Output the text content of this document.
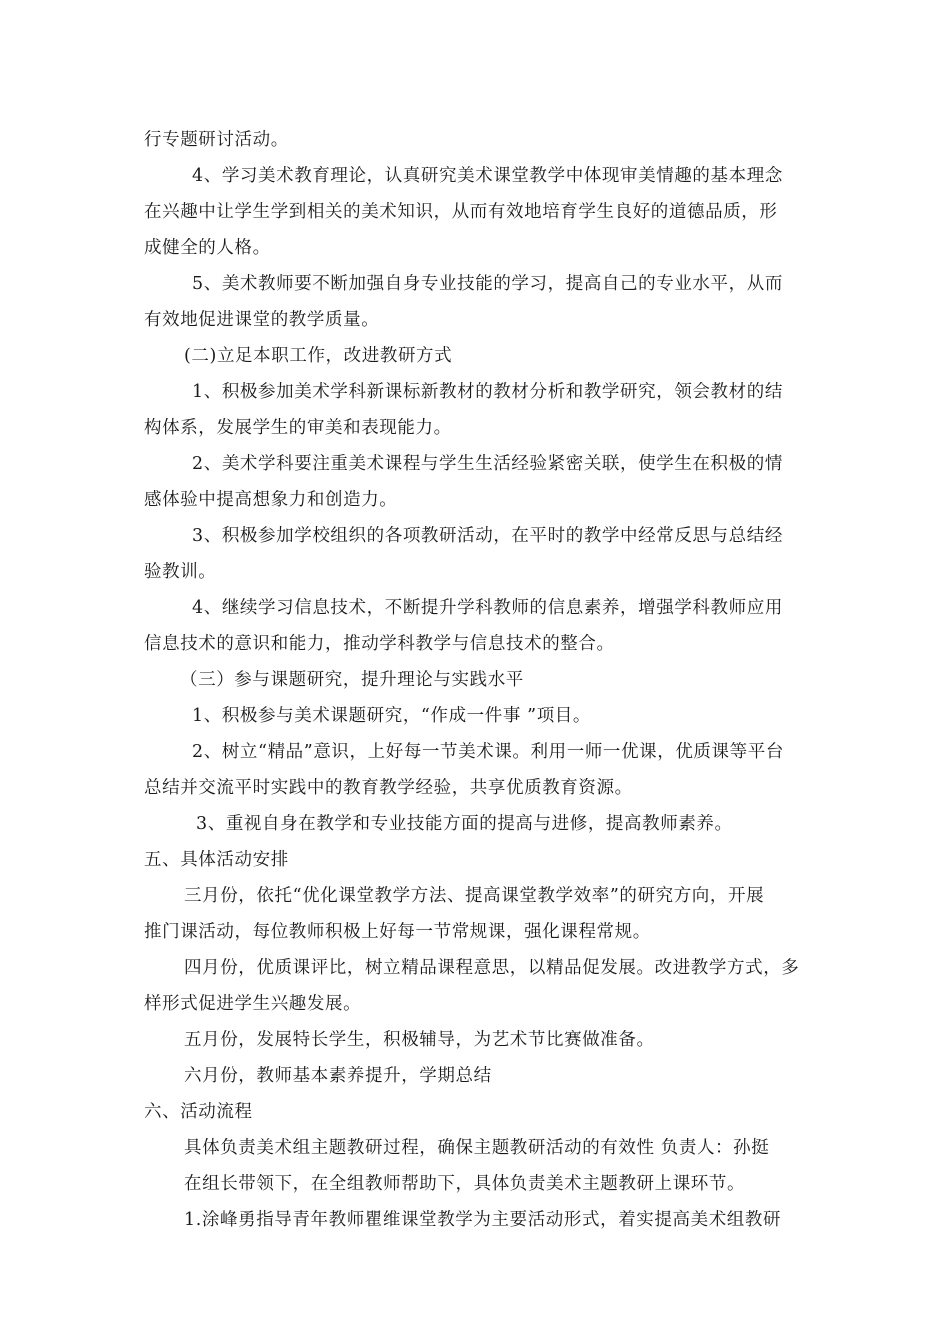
行专题研讨活动。
4、学习美术教育理论，认真研究美术课堂教学中体现审美情趣的基本理念
在兴趣中让学生学到相关的美术知识，从而有效地培育学生良好的道德品质，形
成健全的人格。
5、美术教师要不断加强自身专业技能的学习，提高自己的专业水平，从而
有效地促进课堂的教学质量。
(二)立足本职工作，改进教研方式
1、积极参加美术学科新课标新教材的教材分析和教学研究，领会教材的结
构体系，发展学生的审美和表现能力。
2、美术学科要注重美术课程与学生生活经验紧密关联，使学生在积极的情
感体验中提高想象力和创造力。
3、积极参加学校组织的各项教研活动，在平时的教学中经常反思与总结经
验教训。
4、继续学习信息技术，不断提升学科教师的信息素养，增强学科教师应用
信息技术的意识和能力，推动学科教学与信息技术的整合。
（三）参与课题研究，提升理论与实践水平
1、积极参与美术课题研究，“作成一件事 ”项目。
2、树立“精品”意识，上好每一节美术课。利用一师一优课，优质课等平台
总结并交流平时实践中的教育教学经验，共享优质教育资源。
3、重视自身在教学和专业技能方面的提高与进修，提高教师素养。
五、具体活动安排
三月份，依托“优化课堂教学方法、提高课堂教学效率”的研究方向，开展
推门课活动，每位教师积极上好每一节常规课，强化课程常规。
四月份，优质课评比，树立精品课程意思，以精品促发展。改进教学方式，多
样形式促进学生兴趣发展。
五月份，发展特长学生，积极辅导，为艺术节比赛做准备。
六月份，教师基本素养提升，学期总结
六、活动流程
具体负责美术组主题教研过程，确保主题教研活动的有效性 负责人：孙挺
在组长带领下，在全组教师帮助下，具体负责美术主题教研上课环节。
1.涂峰勇指导青年教师瞿维课堂教学为主要活动形式，着实提高美术组教研
